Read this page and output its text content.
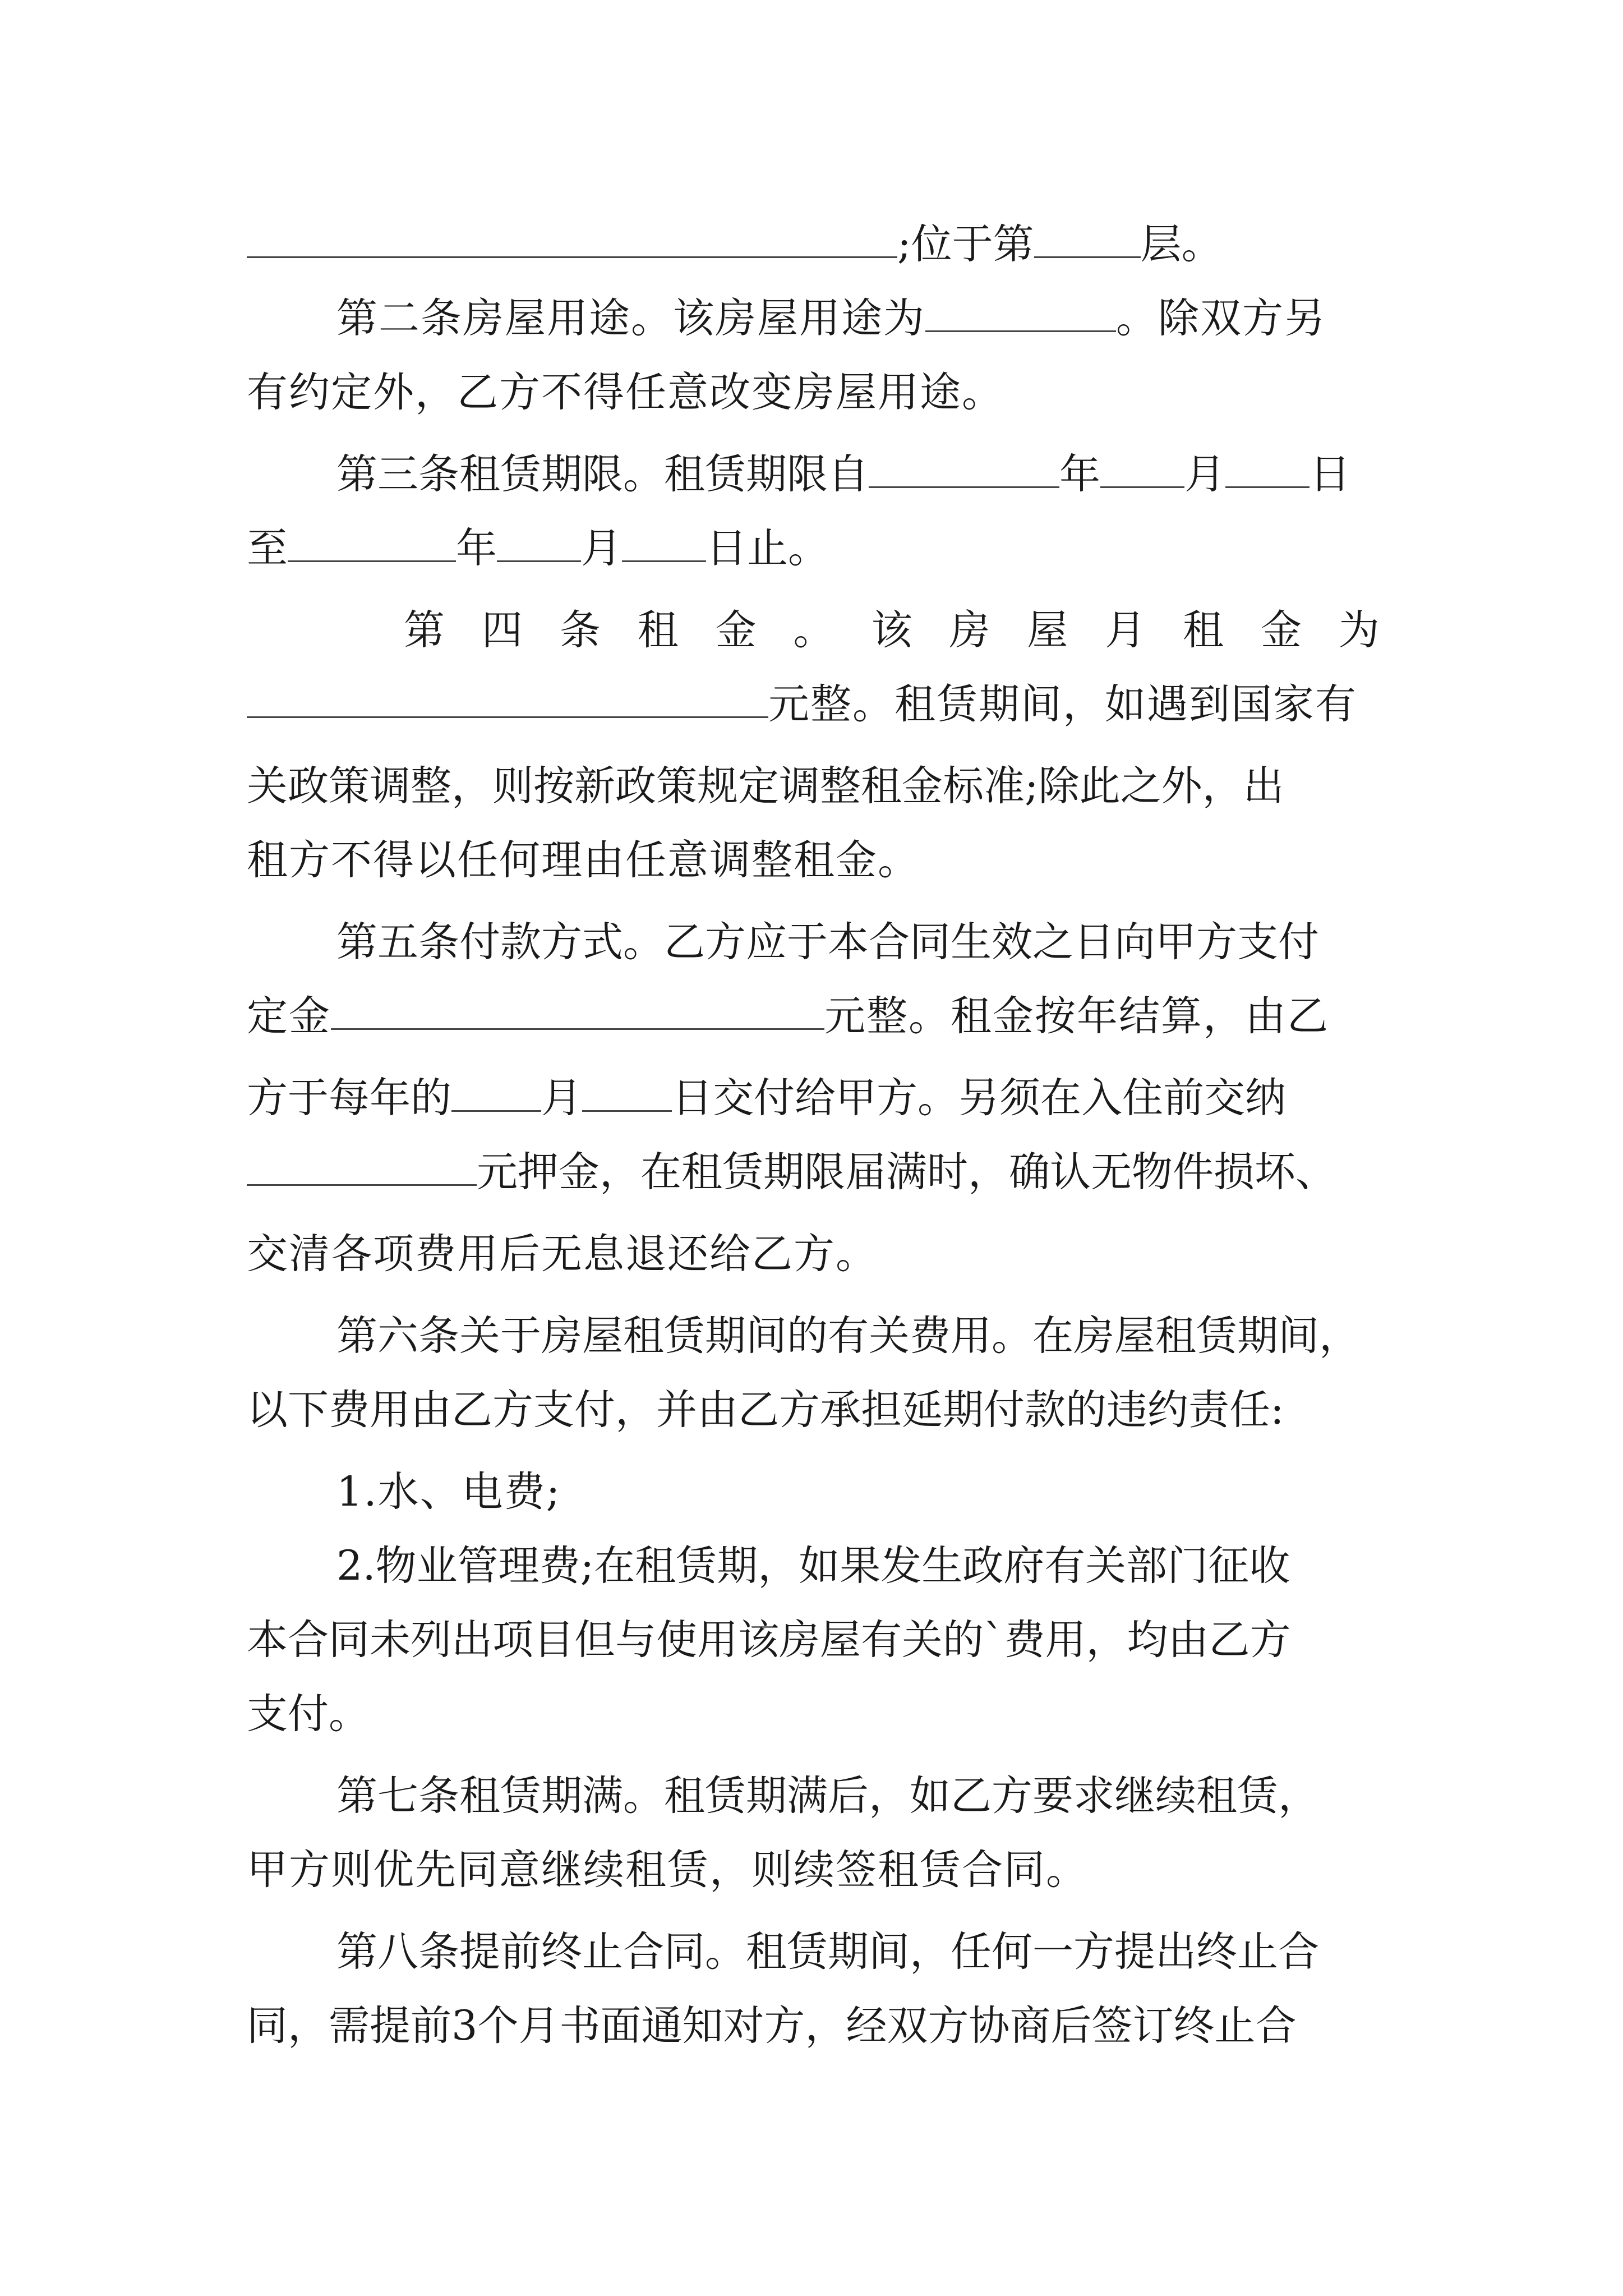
;位于第	层。
第二条房屋用途。该房屋用途为	。除双方另
有约定外，乙方不得任意改变房屋用途。
第三条租赁期限。租赁期限自	年 月 日
至	年 月 日止。
第 四 条 租 金 。 该 房 屋 月 租 金 为
元整。租赁期间，如遇到国家有
关政策调整，则按新政策规定调整租金标准;除此之外，出
租方不得以任何理由任意调整租金。
第五条付款方式。乙方应于本合同生效之日向甲方支付
定金	元整。租金按年结算，由乙
方于每年的 月 日交付给甲方。另须在入住前交纳
元押金，在租赁期限届满时，确认无物件损坏、
交清各项费用后无息退还给乙方。
第六条关于房屋租赁期间的有关费用。在房屋租赁期间，
以下费用由乙方支付，并由乙方承担延期付款的违约责任:
1.水、电费;
2.物业管理费;在租赁期，如果发生政府有关部门征收
本合同未列出项目但与使用该房屋有关的`费用，均由乙方
支付。
第七条租赁期满。租赁期满后，如乙方要求继续租赁，
甲方则优先同意继续租赁，则续签租赁合同。
第八条提前终止合同。租赁期间，任何一方提出终止合
同，需提前3个月书面通知对方，经双方协商后签订终止合
